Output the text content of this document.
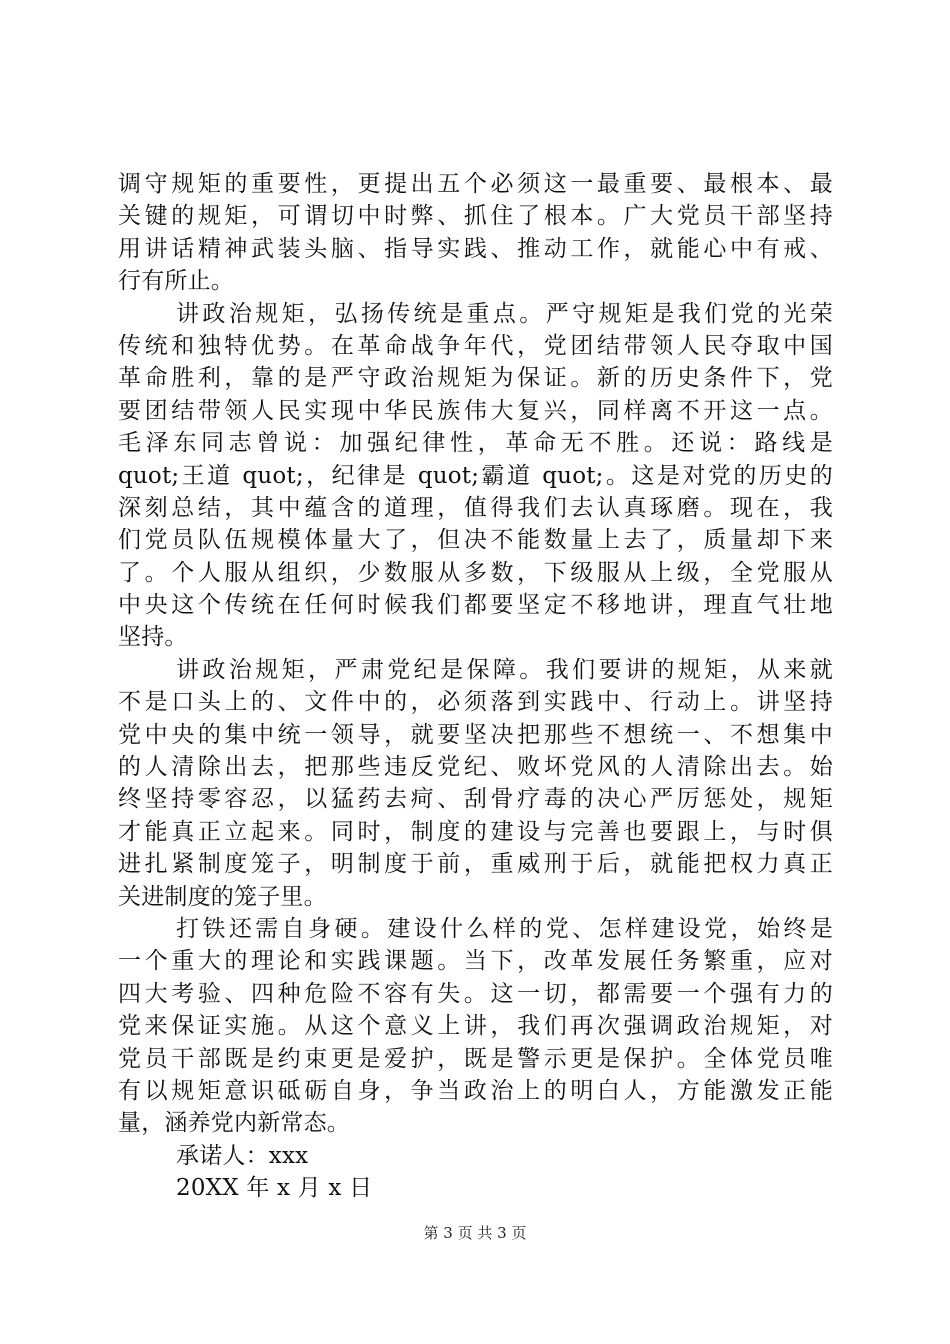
调守规矩的重要性，更提出五个必须这一最重要、最根本、最
关键的规矩，可谓切中时弊、抓住了根本。广大党员干部坚持
用讲话精神武装头脑、指导实践、推动工作，就能心中有戒、
行有所止。
讲政治规矩，弘扬传统是重点。严守规矩是我们党的光荣
传统和独特优势。在革命战争年代，党团结带领人民夺取中国
革命胜利，靠的是严守政治规矩为保证。新的历史条件下，党
要团结带领人民实现中华民族伟大复兴，同样离不开这一点。
毛泽东同志曾说：加强纪律性，革命无不胜。还说：路线是
quot;王道 quot;，纪律是 quot;霸道 quot;。这是对党的历史的
深刻总结，其中蕴含的道理，值得我们去认真琢磨。现在，我
们党员队伍规模体量大了，但决不能数量上去了，质量却下来
了。个人服从组织，少数服从多数，下级服从上级，全党服从
中央这个传统在任何时候我们都要坚定不移地讲，理直气壮地
坚持。
讲政治规矩，严肃党纪是保障。我们要讲的规矩，从来就
不是口头上的、文件中的，必须落到实践中、行动上。讲坚持
党中央的集中统一领导，就要坚决把那些不想统一、不想集中
的人清除出去，把那些违反党纪、败坏党风的人清除出去。始
终坚持零容忍，以猛药去疴、刮骨疗毒的决心严厉惩处，规矩
才能真正立起来。同时，制度的建设与完善也要跟上，与时俱
进扎紧制度笼子，明制度于前，重威刑于后，就能把权力真正
关进制度的笼子里。
打铁还需自身硬。建设什么样的党、怎样建设党，始终是
一个重大的理论和实践课题。当下，改革发展任务繁重，应对
四大考验、四种危险不容有失。这一切，都需要一个强有力的
党来保证实施。从这个意义上讲，我们再次强调政治规矩，对
党员干部既是约束更是爱护，既是警示更是保护。全体党员唯
有以规矩意识砥砺自身，争当政治上的明白人，方能激发正能
量，涵养党内新常态。
承诺人：xxx
20XX 年 x 月 x 日
第 3 页 共 3 页
